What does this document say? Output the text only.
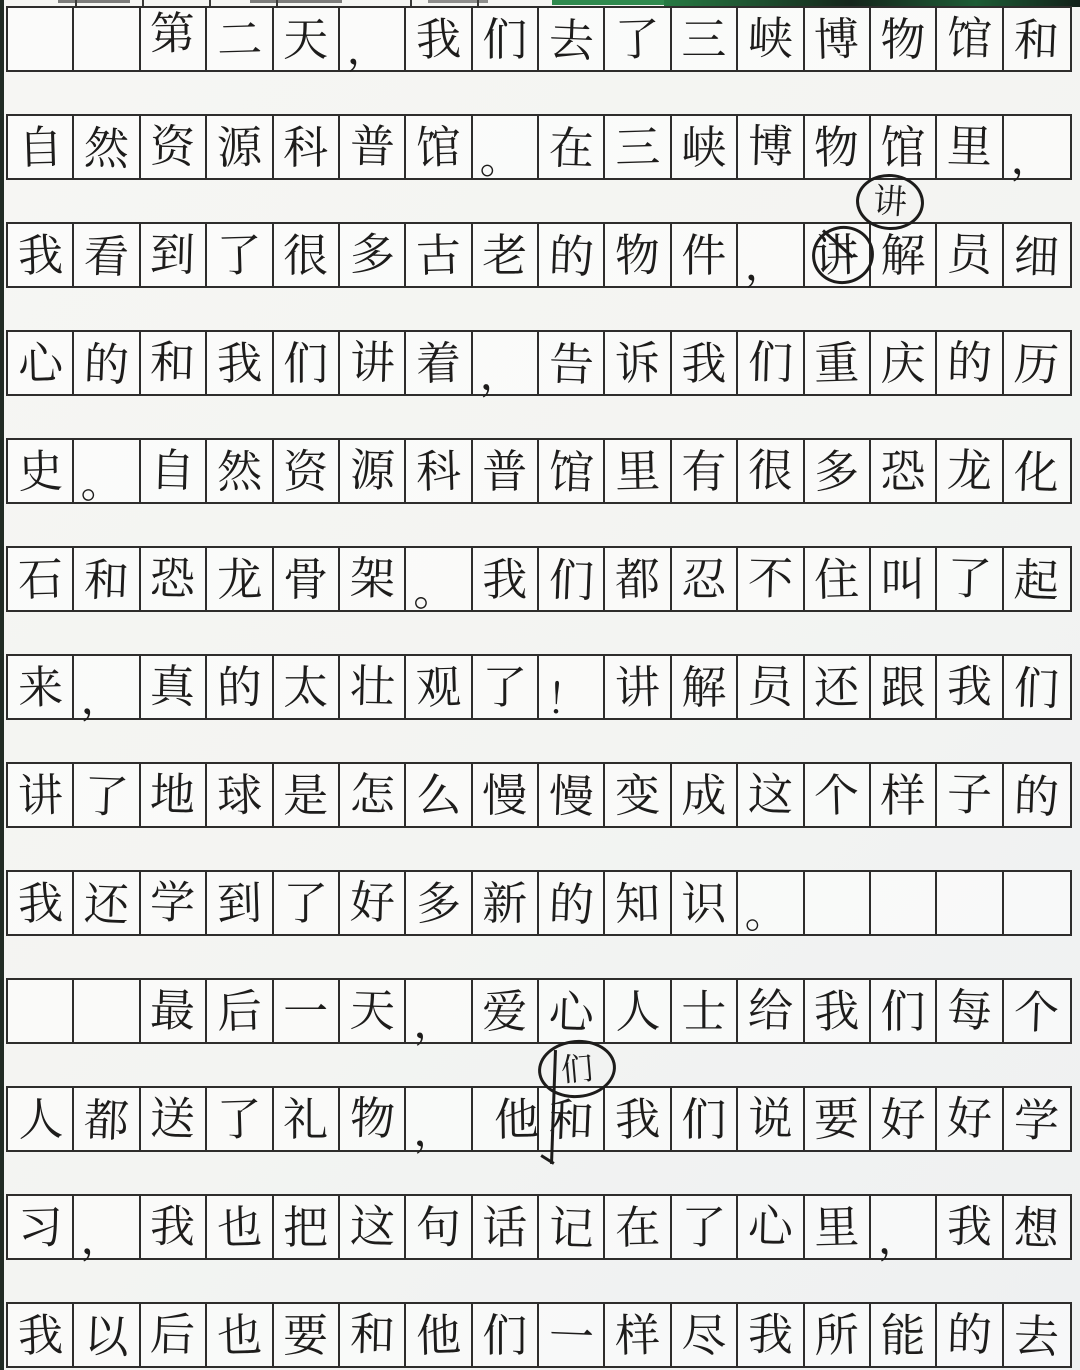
第 二 天 ， 我 们 去 了 三 峡 博 物 馆 和
自 然 资 源 科 普 馆 。 在 三 峡 博 物 馆 里 ，
我 看 到 了 很 多 古 老 的 物 件 ， 讲 解 员 细
心 的 和 我 们 讲 着 ， 告 诉 我 们 重 庆 的 历
史 。 自 然 资 源 科 普 馆 里 有 很 多 恐 龙 化
石 和 恐 龙 骨 架 。 我 们 都 忍 不 住 叫 了 起
来 ， 真 的 太 壮 观 了 ！ 讲 解 员 还 跟 我 们
讲 了 地 球 是 怎 么 慢 慢 变 成 这 个 样 子 的
我 还 学 到 了 好 多 新 的 知 识 。
最 后 一 天 ， 爱 心 人 士 给 我 们 每 个
人 都 送 了 礼 物 ， 他 和 我 们 说 要 好 好 学
习 ， 我 也 把 这 句 话 记 在 了 心 里 ， 我 想
我 以 后 也 要 和 他 们 一 样 尽 我 所 能 的 去
讲
们
